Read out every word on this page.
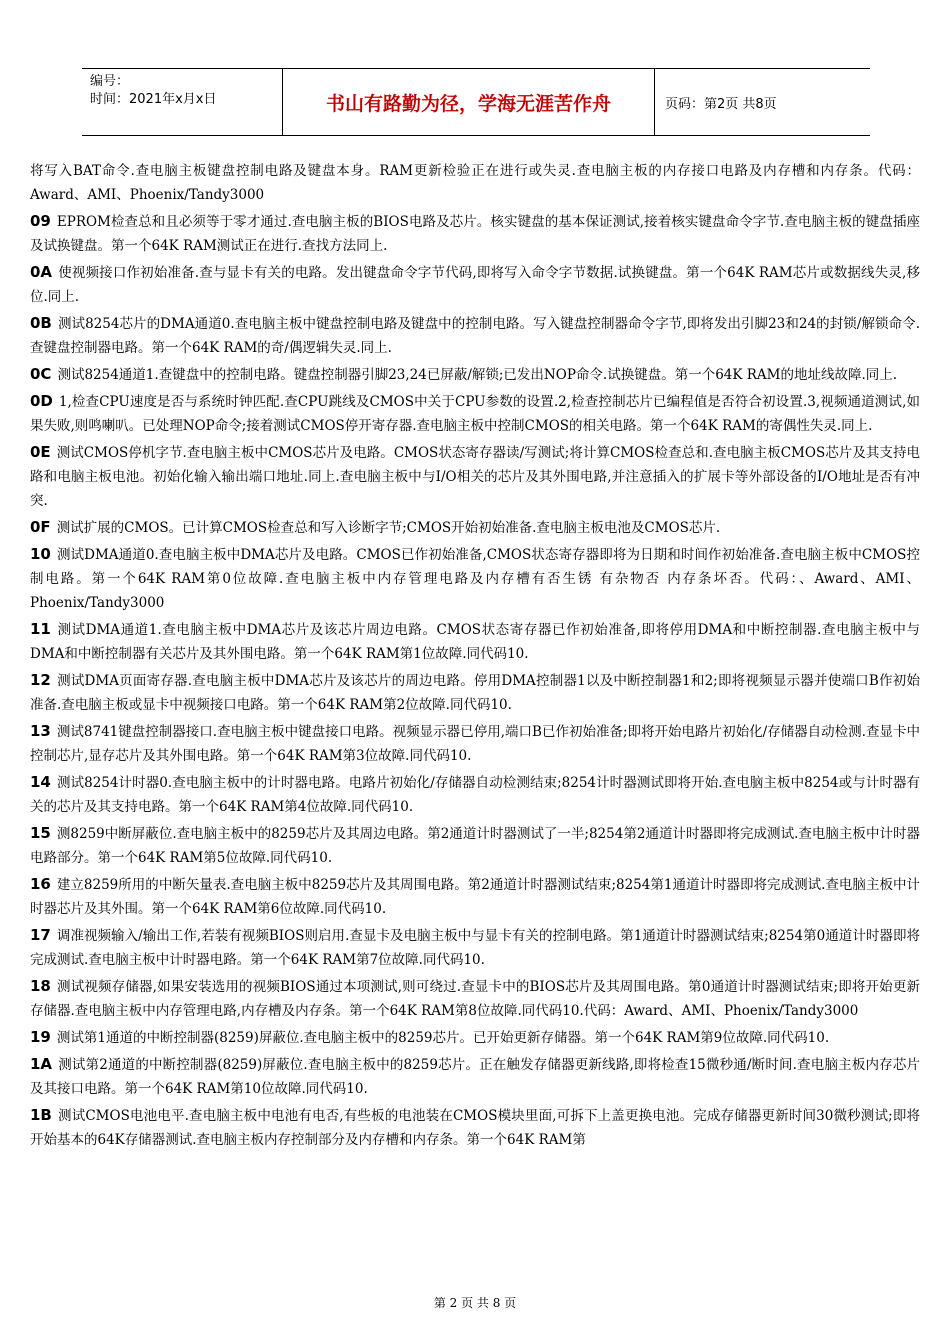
编号：
时间：2021年x月x日	书山有路勤为径，学海无涯苦作舟	页码：第2页 共8页

将写入BAT命令.查电脑主板键盘控制电路及键盘本身。RAM更新检验正在进行或失灵.查电脑主板的内存接口电路及内存槽和内存条。代码：Award、AMI、Phoenix/Tandy3000

09 EPROM检查总和且必须等于零才通过.查电脑主板的BIOS电路及芯片。核实键盘的基本保证测试,接着核实键盘命令字节.查电脑主板的键盘插座及试换键盘。第一个64K RAM测试正在进行.查找方法同上.

0A 使视频接口作初始准备.查与显卡有关的电路。发出键盘命令字节代码,即将写入命令字节数据.试换键盘。第一个64K RAM芯片或数据线失灵,移位.同上.

0B 测试8254芯片的DMA通道0.查电脑主板中键盘控制电路及键盘中的控制电路。写入键盘控制器命令字节,即将发出引脚23和24的封锁/解锁命令.查键盘控制器电路。第一个64K RAM的奇/偶逻辑失灵.同上.

0C 测试8254通道1.查键盘中的控制电路。键盘控制器引脚23,24已屏蔽/解锁;已发出NOP命令.试换键盘。第一个64K RAM的地址线故障.同上.

0D 1,检查CPU速度是否与系统时钟匹配.查CPU跳线及CMOS中关于CPU参数的设置.2,检查控制芯片已编程值是否符合初设置.3,视频通道测试,如果失败,则鸣喇叭。已处理NOP命令;接着测试CMOS停开寄存器.查电脑主板中控制CMOS的相关电路。第一个64K RAM的寄偶性失灵.同上.

0E 测试CMOS停机字节.查电脑主板中CMOS芯片及电路。CMOS状态寄存器读/写测试;将计算CMOS检查总和.查电脑主板CMOS芯片及其支持电路和电脑主板电池。初始化输入输出端口地址.同上.查电脑主板中与I/O相关的芯片及其外围电路,并注意插入的扩展卡等外部设备的I/O地址是否有冲突.

0F 测试扩展的CMOS。已计算CMOS检查总和写入诊断字节;CMOS开始初始准备.查电脑主板电池及CMOS芯片.

10 测试DMA通道0.查电脑主板中DMA芯片及电路。CMOS已作初始准备,CMOS状态寄存器即将为日期和时间作初始准备.查电脑主板中CMOS控制电路。第一个64K RAM第0位故障.查电脑主板中内存管理电路及内存槽有否生锈 有杂物否 内存条坏否。代码：、Award、AMI、Phoenix/Tandy3000

11 测试DMA通道1.查电脑主板中DMA芯片及该芯片周边电路。CMOS状态寄存器已作初始准备,即将停用DMA和中断控制器.查电脑主板中与DMA和中断控制器有关芯片及其外围电路。第一个64K RAM第1位故障.同代码10.

12 测试DMA页面寄存器.查电脑主板中DMA芯片及该芯片的周边电路。停用DMA控制器1以及中断控制器1和2;即将视频显示器并使端口B作初始准备.查电脑主板或显卡中视频接口电路。第一个64K RAM第2位故障.同代码10.

13 测试8741键盘控制器接口.查电脑主板中键盘接口电路。视频显示器已停用,端口B已作初始准备;即将开始电路片初始化/存储器自动检测.查显卡中控制芯片,显存芯片及其外围电路。第一个64K RAM第3位故障.同代码10.

14 测试8254计时器0.查电脑主板中的计时器电路。电路片初始化/存储器自动检测结束;8254计时器测试即将开始.查电脑主板中8254或与计时器有关的芯片及其支持电路。第一个64K RAM第4位故障.同代码10.

15 测8259中断屏蔽位.查电脑主板中的8259芯片及其周边电路。第2通道计时器测试了一半;8254第2通道计时器即将完成测试.查电脑主板中计时器电路部分。第一个64K RAM第5位故障.同代码10.

16 建立8259所用的中断矢量表.查电脑主板中8259芯片及其周围电路。第2通道计时器测试结束;8254第1通道计时器即将完成测试.查电脑主板中计时器芯片及其外围。第一个64K RAM第6位故障.同代码10.

17 调准视频输入/输出工作,若装有视频BIOS则启用.查显卡及电脑主板中与显卡有关的控制电路。第1通道计时器测试结束;8254第0通道计时器即将完成测试.查电脑主板中计时器电路。第一个64K RAM第7位故障.同代码10.

18 测试视频存储器,如果安装选用的视频BIOS通过本项测试,则可绕过.查显卡中的BIOS芯片及其周围电路。第0通道计时器测试结束;即将开始更新存储器.查电脑主板中内存管理电路,内存槽及内存条。第一个64K RAM第8位故障.同代码10.代码：Award、AMI、Phoenix/Tandy3000

19 测试第1通道的中断控制器(8259)屏蔽位.查电脑主板中的8259芯片。已开始更新存储器。第一个64K RAM第9位故障.同代码10.

1A 测试第2通道的中断控制器(8259)屏蔽位.查电脑主板中的8259芯片。正在触发存储器更新线路,即将检查15微秒通/断时间.查电脑主板内存芯片及其接口电路。第一个64K RAM第10位故障.同代码10.

1B 测试CMOS电池电平.查电脑主板中电池有电否,有些板的电池装在CMOS模块里面,可拆下上盖更换电池。完成存储器更新时间30微秒测试;即将开始基本的64K存储器测试.查电脑主板内存控制部分及内存槽和内存条。第一个64K RAM第

第 2 页 共 8 页
